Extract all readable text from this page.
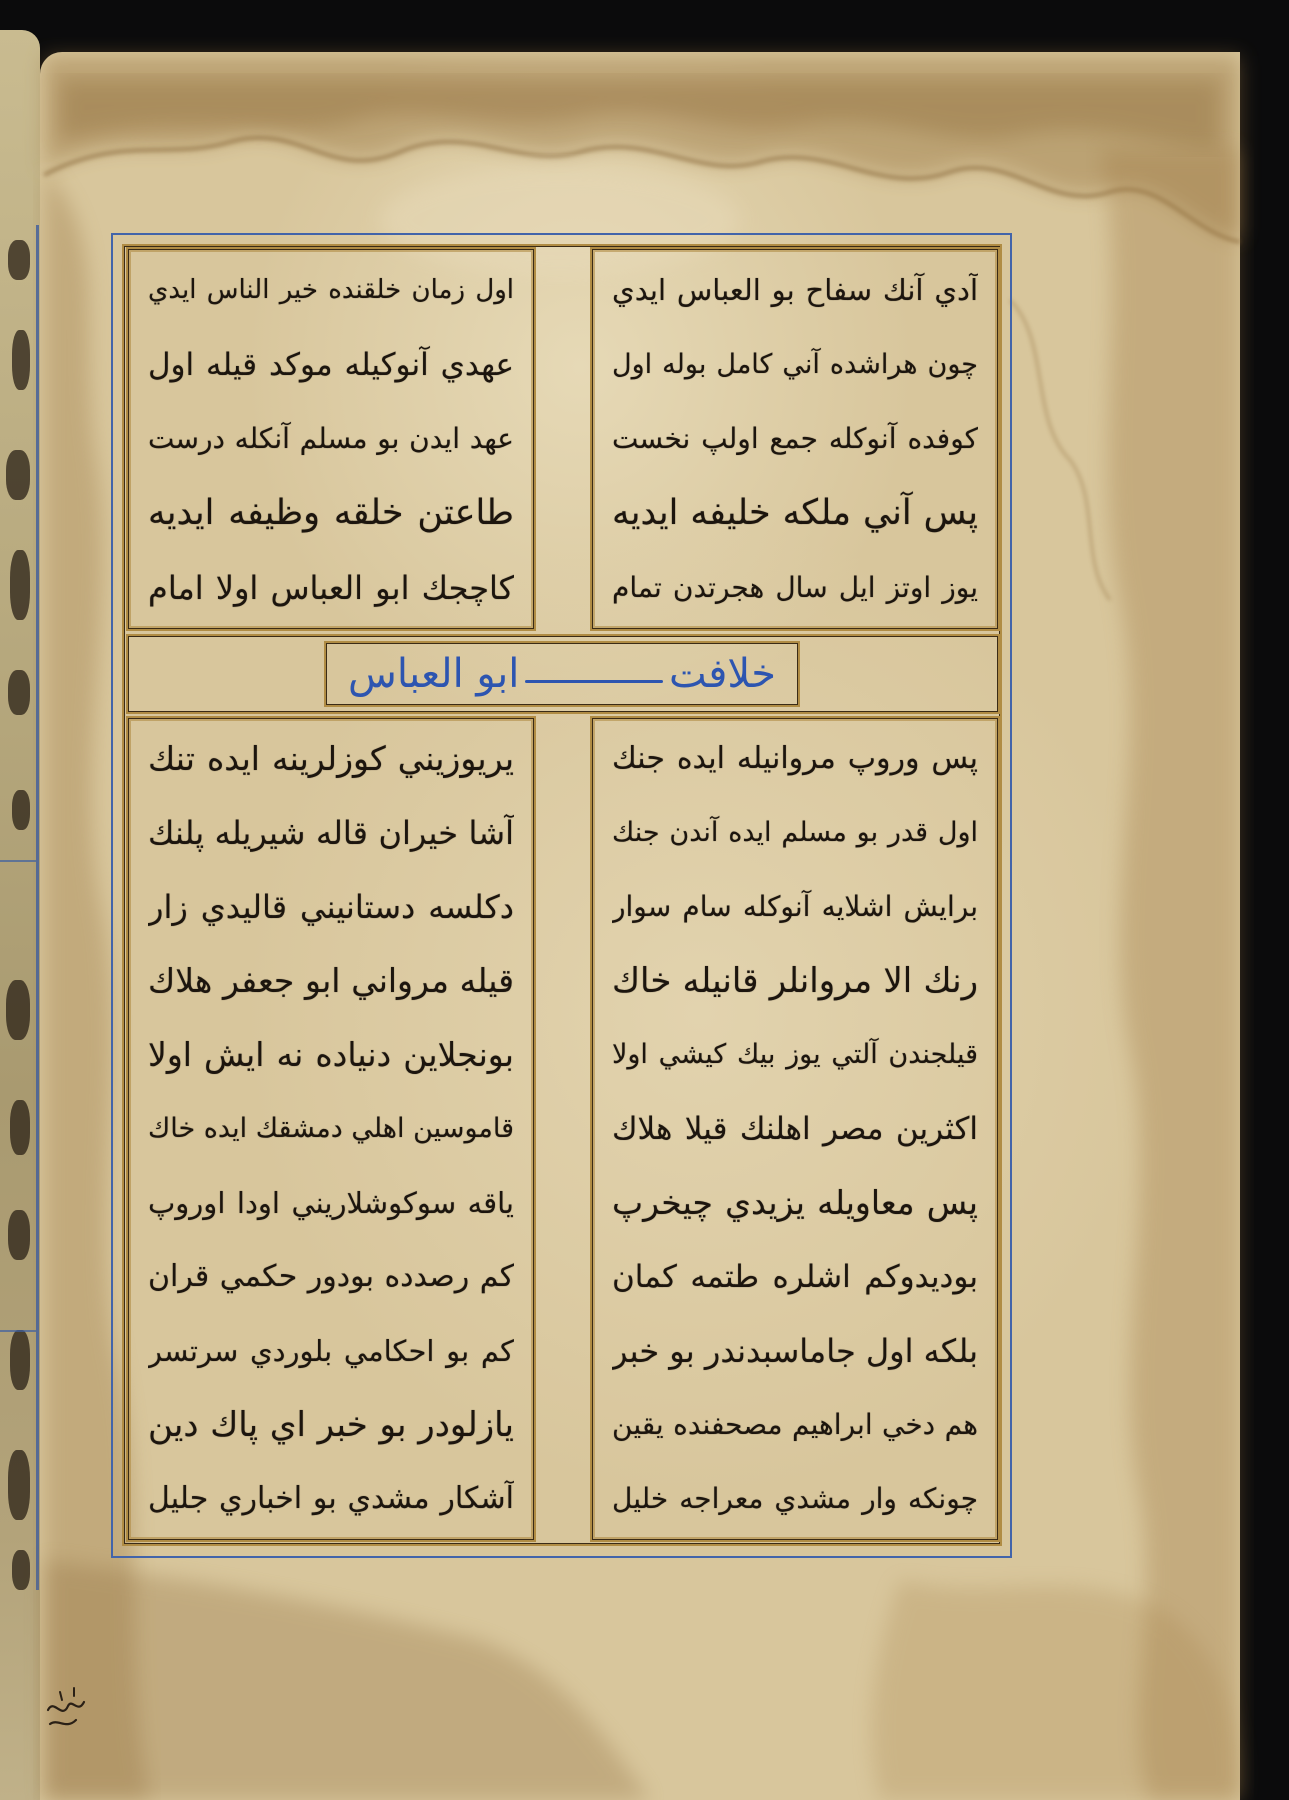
آدي آنك سفاح بو العباس ايدي
چون هراشده آني كامل بوله اول
كوفده آنوكله جمع اولپ نخست
پس آني ملكه خليفه ايديه
يوز اوتز ايل سال هجرتدن تمام
اول زمان خلقنده خير الناس ايدي
عهدي آنوكيله موكد قيله اول
عهد ايدن بو مسلم آنكله درست
طاعتن خلقه وظيفه ايديه
كاچجك ابو العباس اولا امام
خلافت
ابو العباس
پس وروپ مروانيله ايده جنك
اول قدر بو مسلم ايده آندن جنك
برايش اشلايه آنوكله سام سوار
رنك الا مروانلر قانيله خاك
قيلجندن آلتي يوز بيك كيشي اولا
اكثرين مصر اهلنك قيلا هلاك
پس معاويله يزيدي چيخرپ
بوديدوكم اشلره طتمه كمان
بلكه اول جاماسبدندر بو خبر
هم دخي ابراهيم مصحفنده يقين
چونكه وار مشدي معراجه خليل
يريوزيني كوزلرينه ايده تنك
آشا خيران قاله شيريله پلنك
دكلسه دستانيني قاليدي زار
قيله مرواني ابو جعفر هلاك
بونجلاين دنياده نه ايش اولا
قاموسين اهلي دمشقك ايده خاك
ياقه سوكوشلاريني اودا اوروپ
كم رصدده بودور حكمي قران
كم بو احكامي بلوردي سرتسر
يازلودر بو خبر اي پاك دين
آشكار مشدي بو اخباري جليل
